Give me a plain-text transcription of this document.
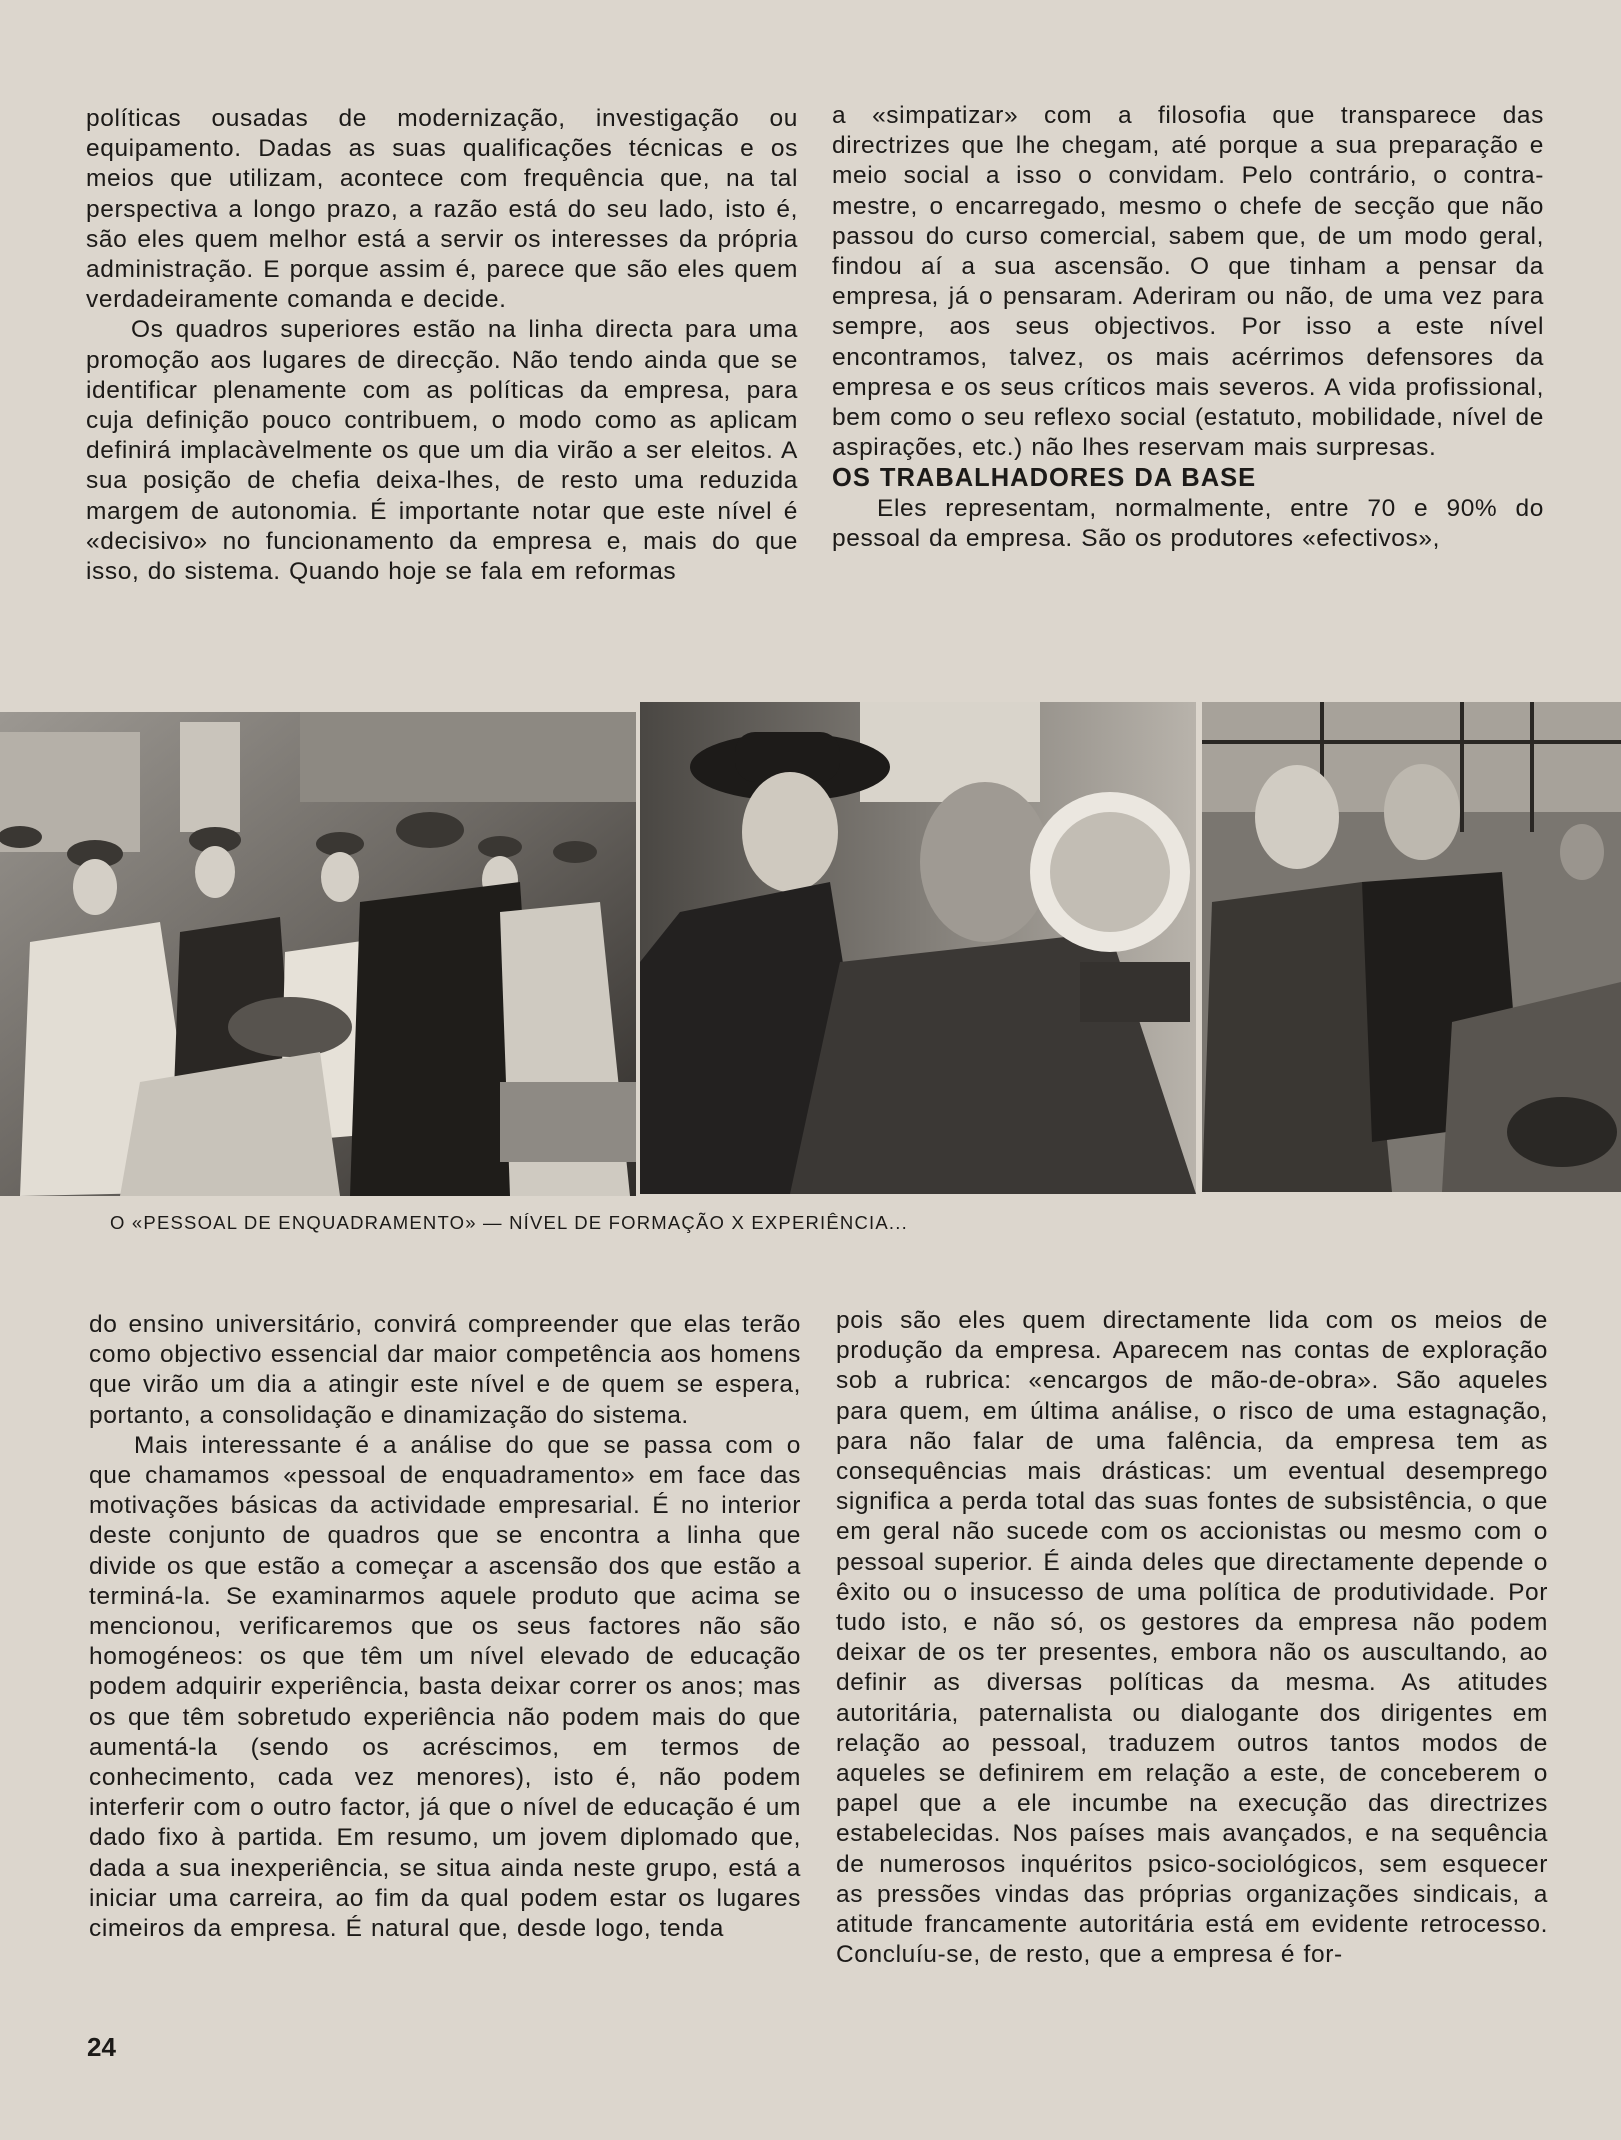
políticas ousadas de modernização, investigação ou equipamento. Dadas as suas qualificações técnicas e os meios que utilizam, acontece com frequência que, na tal perspectiva a longo prazo, a razão está do seu lado, isto é, são eles quem melhor está a servir os interesses da própria administração. E porque assim é, parece que são eles quem verdadeiramente comanda e decide.

Os quadros superiores estão na linha directa para uma promoção aos lugares de direcção. Não tendo ainda que se identificar plenamente com as políticas da empresa, para cuja definição pouco contribuem, o modo como as aplicam definirá implacàvelmente os que um dia virão a ser eleitos. A sua posição de chefia deixa-lhes, de resto uma reduzida margem de autonomia. É importante notar que este nível é «decisivo» no funcionamento da empresa e, mais do que isso, do sistema. Quando hoje se fala em reformas

a «simpatizar» com a filosofia que transparece das directrizes que lhe chegam, até porque a sua preparação e meio social a isso o convidam. Pelo contrário, o contra-mestre, o encarregado, mesmo o chefe de secção que não passou do curso comercial, sabem que, de um modo geral, findou aí a sua ascensão. O que tinham a pensar da empresa, já o pensaram. Aderiram ou não, de uma vez para sempre, aos seus objectivos. Por isso a este nível encontramos, talvez, os mais acérrimos defensores da empresa e os seus críticos mais severos. A vida profissional, bem como o seu reflexo social (estatuto, mobilidade, nível de aspirações, etc.) não lhes reservam mais surpresas.

OS TRABALHADORES DA BASE

Eles representam, normalmente, entre 70 e 90% do pessoal da empresa. São os produtores «efectivos»,

O «PESSOAL DE ENQUADRAMENTO» — NÍVEL DE FORMAÇÃO X EXPERIÊNCIA...

do ensino universitário, convirá compreender que elas terão como objectivo essencial dar maior competência aos homens que virão um dia a atingir este nível e de quem se espera, portanto, a consolidação e dinamização do sistema.

Mais interessante é a análise do que se passa com o que chamamos «pessoal de enquadramento» em face das motivações básicas da actividade empresarial. É no interior deste conjunto de quadros que se encontra a linha que divide os que estão a começar a ascensão dos que estão a terminá-la. Se examinarmos aquele produto que acima se mencionou, verificaremos que os seus factores não são homogéneos: os que têm um nível elevado de educação podem adquirir experiência, basta deixar correr os anos; mas os que têm sobretudo experiência não podem mais do que aumentá-la (sendo os acréscimos, em termos de conhecimento, cada vez menores), isto é, não podem interferir com o outro factor, já que o nível de educação é um dado fixo à partida. Em resumo, um jovem diplomado que, dada a sua inexperiência, se situa ainda neste grupo, está a iniciar uma carreira, ao fim da qual podem estar os lugares cimeiros da empresa. É natural que, desde logo, tenda

pois são eles quem directamente lida com os meios de produção da empresa. Aparecem nas contas de exploração sob a rubrica: «encargos de mão-de-obra». São aqueles para quem, em última análise, o risco de uma estagnação, para não falar de uma falência, da empresa tem as consequências mais drásticas: um eventual desemprego significa a perda total das suas fontes de subsistência, o que em geral não sucede com os accionistas ou mesmo com o pessoal superior. É ainda deles que directamente depende o êxito ou o insucesso de uma política de produtividade. Por tudo isto, e não só, os gestores da empresa não podem deixar de os ter presentes, embora não os auscultando, ao definir as diversas políticas da mesma. As atitudes autoritária, paternalista ou dialogante dos dirigentes em relação ao pessoal, traduzem outros tantos modos de aqueles se definirem em relação a este, de conceberem o papel que a ele incumbe na execução das directrizes estabelecidas. Nos países mais avançados, e na sequência de numerosos inquéritos psico-sociológicos, sem esquecer as pressões vindas das próprias organizações sindicais, a atitude francamente autoritária está em evidente retrocesso. Concluíu-se, de resto, que a empresa é for-

24
